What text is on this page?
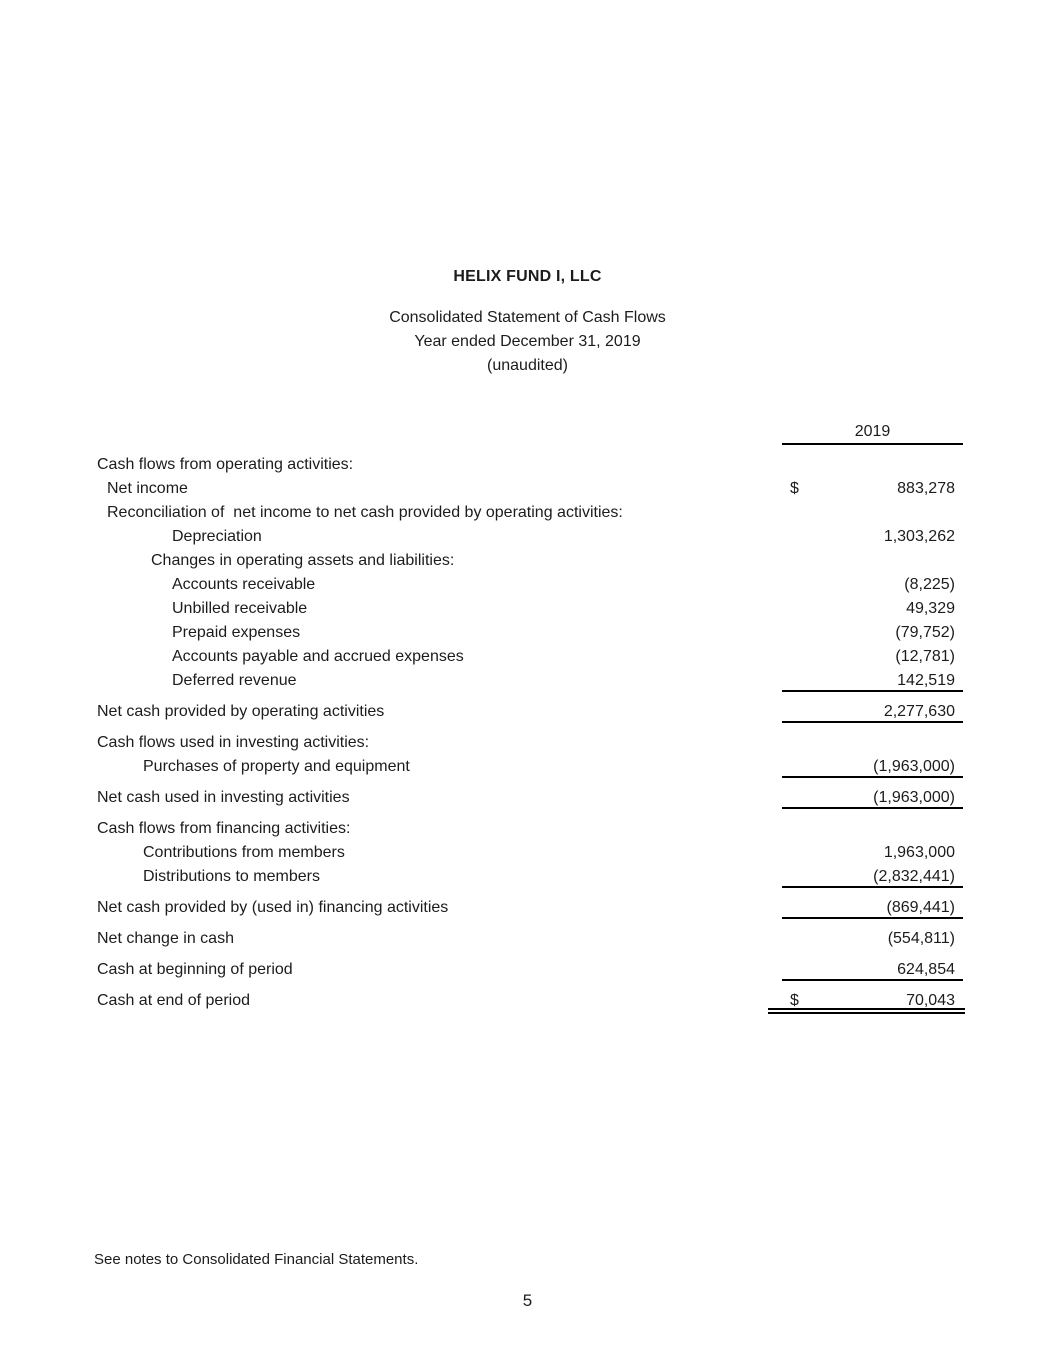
HELIX FUND I, LLC
Consolidated Statement of Cash Flows
Year ended December 31, 2019
(unaudited)
2019
Cash flows from operating activities:
Net income	$	883,278
Reconciliation of  net income to net cash provided by operating activities:
Depreciation	1,303,262
Changes in operating assets and liabilities:
Accounts receivable	(8,225)
Unbilled receivable	49,329
Prepaid expenses	(79,752)
Accounts payable and accrued expenses	(12,781)
Deferred revenue	142,519
Net cash provided by operating activities	2,277,630
Cash flows used in investing activities:
Purchases of property and equipment	(1,963,000)
Net cash used in investing activities	(1,963,000)
Cash flows from financing activities:
Contributions from members	1,963,000
Distributions to members	(2,832,441)
Net cash provided by (used in) financing activities	(869,441)
Net change in cash	(554,811)
Cash at beginning of period	624,854
Cash at end of period	$	70,043
See notes to Consolidated Financial Statements.
5
